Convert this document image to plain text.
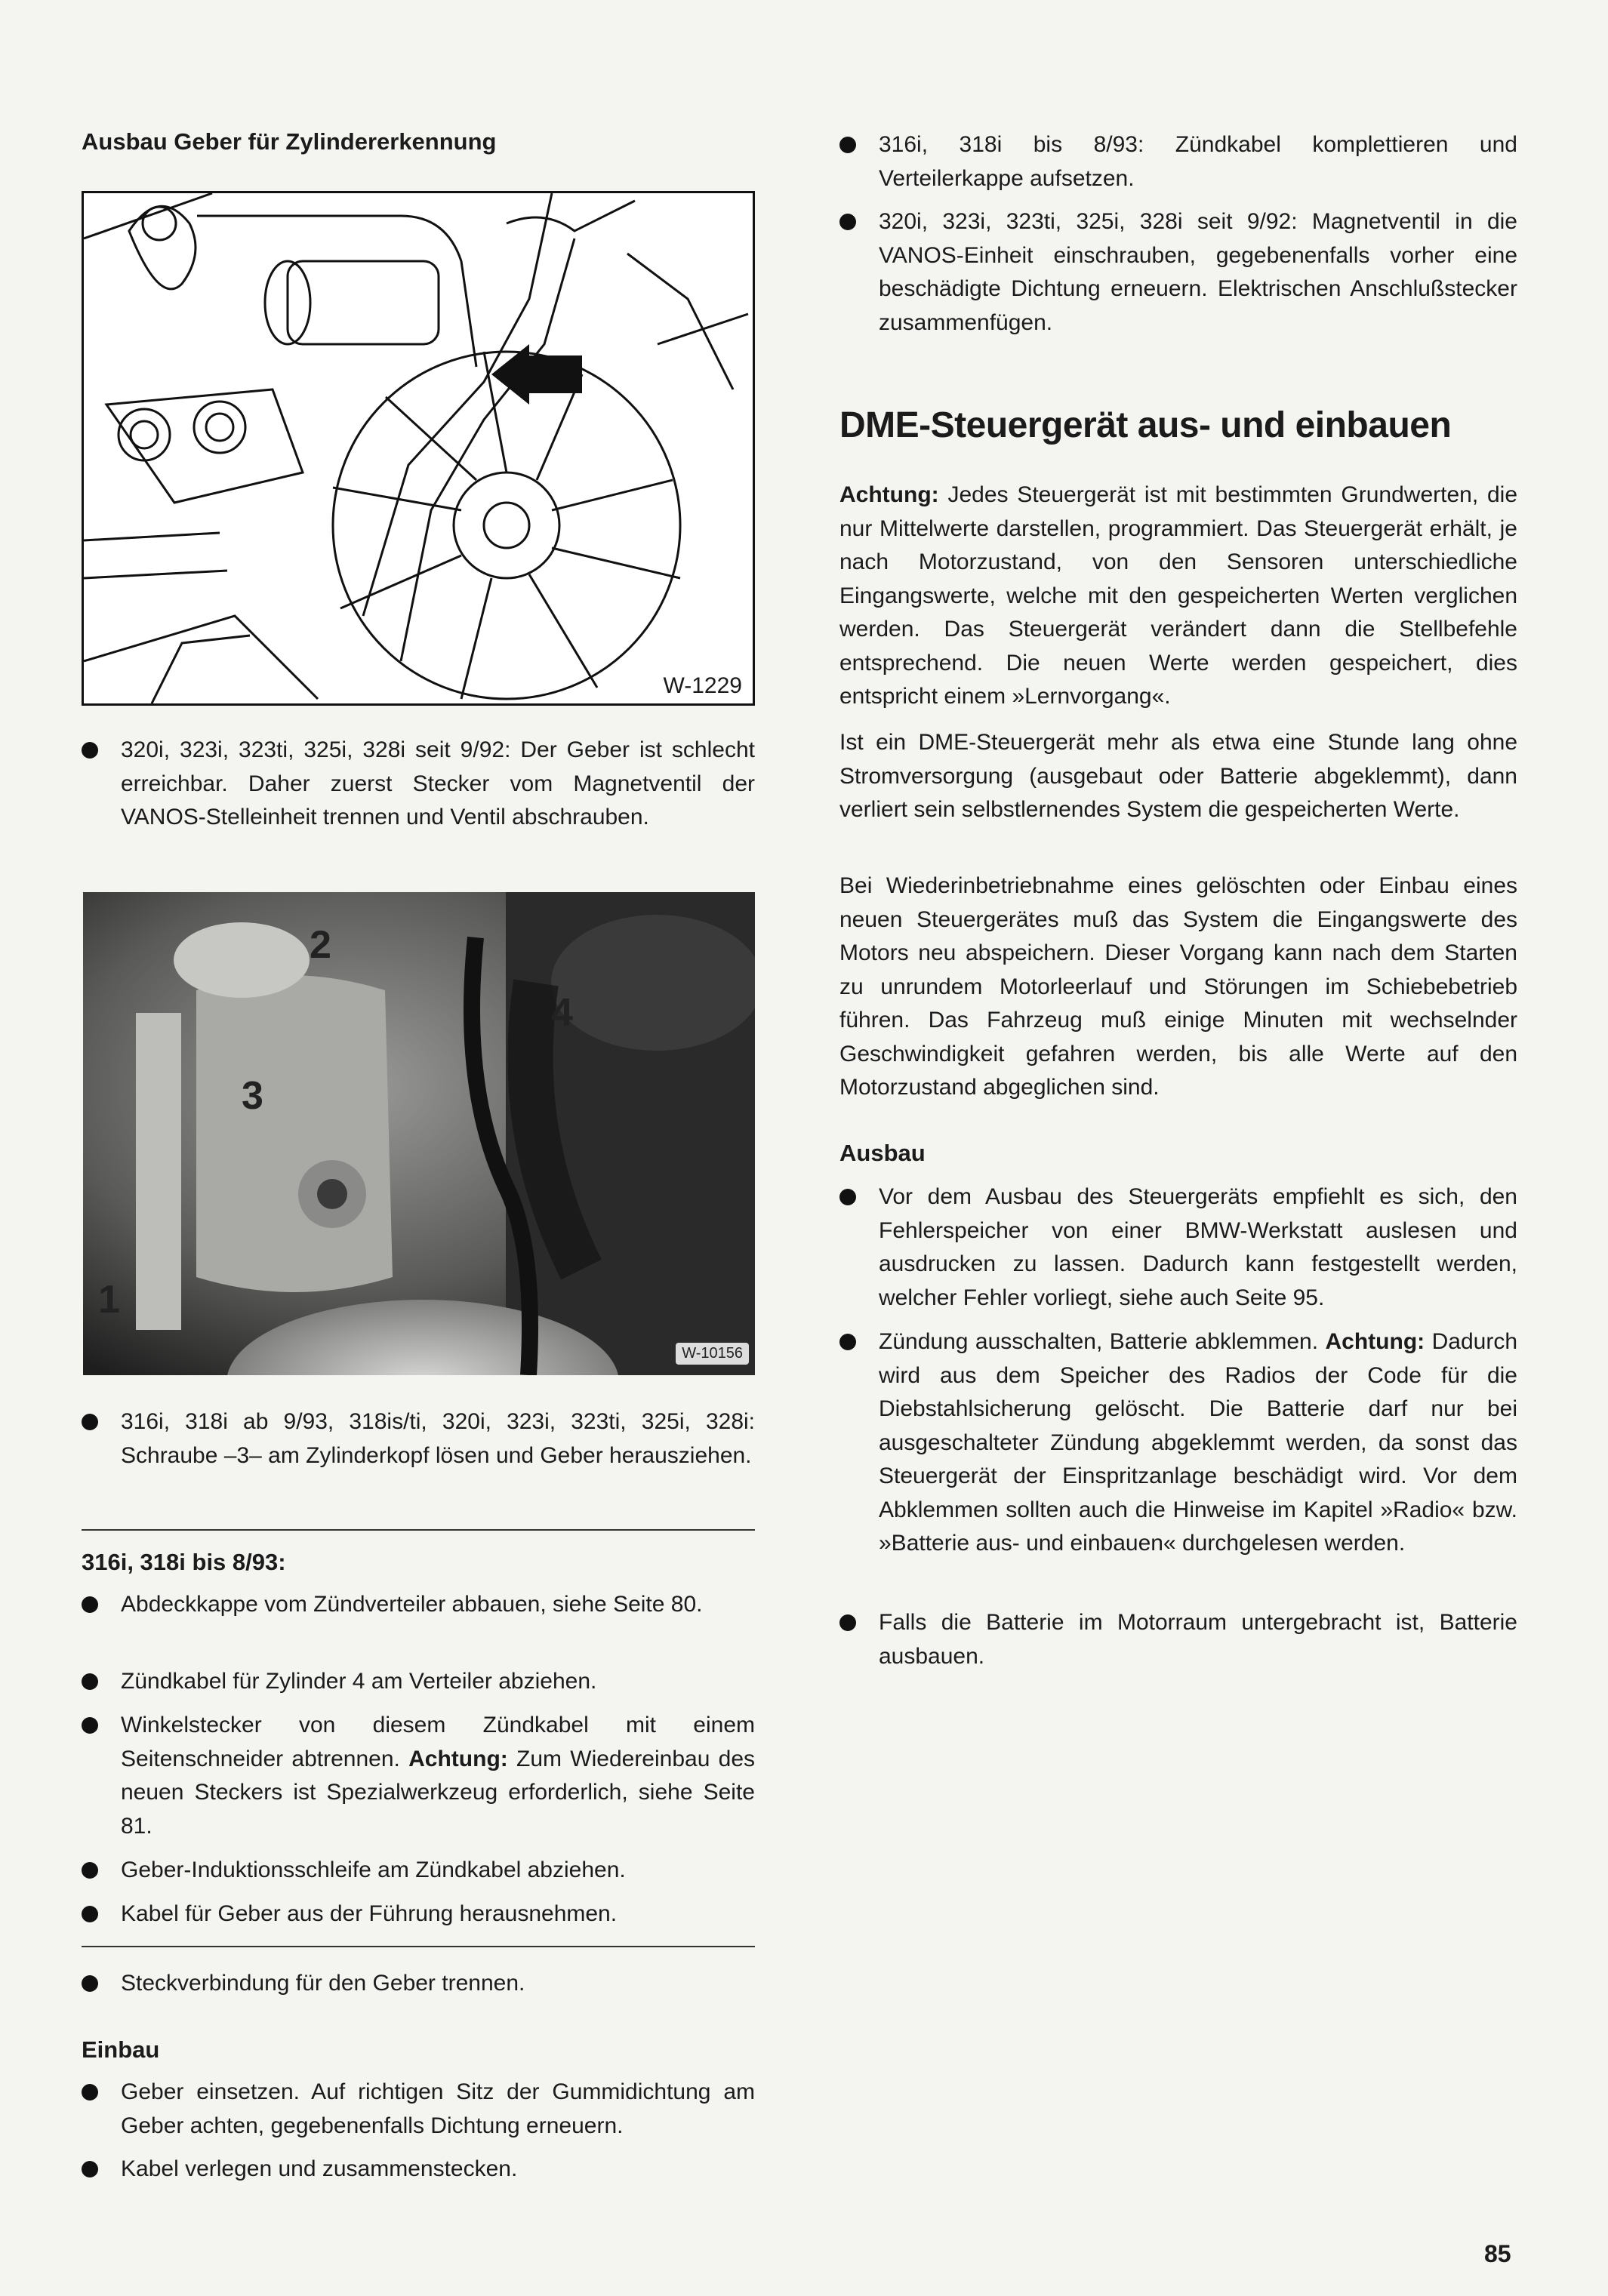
Ausbau Geber für Zylindererkennung
W-1229
320i, 323i, 323ti, 325i, 328i seit 9/92: Der Geber ist schlecht erreichbar. Daher zuerst Stecker vom Magnetventil der VANOS-Stelleinheit trennen und Ventil abschrauben.
2
3
4
1
W-10156
316i, 318i ab 9/93, 318is/ti, 320i, 323i, 323ti, 325i, 328i: Schraube –3– am Zylinderkopf lösen und Geber herausziehen.
316i, 318i bis 8/93:
Abdeckkappe vom Zündverteiler abbauen, siehe Seite 80.
Zündkabel für Zylinder 4 am Verteiler abziehen.
Winkelstecker von diesem Zündkabel mit einem Seitenschneider abtrennen. Achtung: Zum Wiedereinbau des neuen Steckers ist Spezialwerkzeug erforderlich, siehe Seite 81.
Geber-Induktionsschleife am Zündkabel abziehen.
Kabel für Geber aus der Führung herausnehmen.
Steckverbindung für den Geber trennen.
Einbau
Geber einsetzen. Auf richtigen Sitz der Gummidichtung am Geber achten, gegebenenfalls Dichtung erneuern.
Kabel verlegen und zusammenstecken.
316i, 318i bis 8/93: Zündkabel komplettieren und Verteilerkappe aufsetzen.
320i, 323i, 323ti, 325i, 328i seit 9/92: Magnetventil in die VANOS-Einheit einschrauben, gegebenenfalls vorher eine beschädigte Dichtung erneuern. Elektrischen Anschlußstecker zusammenfügen.
DME-Steuergerät aus- und einbauen

Achtung: Jedes Steuergerät ist mit bestimmten Grundwerten, die nur Mittelwerte darstellen, programmiert. Das Steuergerät erhält, je nach Motorzustand, von den Sensoren unterschiedliche Eingangswerte, welche mit den gespeicherten Werten verglichen werden. Das Steuergerät verändert dann die Stellbefehle entsprechend. Die neuen Werte werden gespeichert, dies entspricht einem »Lernvorgang«.

Ist ein DME-Steuergerät mehr als etwa eine Stunde lang ohne Stromversorgung (ausgebaut oder Batterie abgeklemmt), dann verliert sein selbstlernendes System die gespeicherten Werte.

Bei Wiederinbetriebnahme eines gelöschten oder Einbau eines neuen Steuergerätes muß das System die Eingangswerte des Motors neu abspeichern. Dieser Vorgang kann nach dem Starten zu unrundem Motorleerlauf und Störungen im Schiebebetrieb führen. Das Fahrzeug muß einige Minuten mit wechselnder Geschwindigkeit gefahren werden, bis alle Werte auf den Motorzustand abgeglichen sind.

Ausbau
Vor dem Ausbau des Steuergeräts empfiehlt es sich, den Fehlerspeicher von einer BMW-Werkstatt auslesen und ausdrucken zu lassen. Dadurch kann festgestellt werden, welcher Fehler vorliegt, siehe auch Seite 95.
Zündung ausschalten, Batterie abklemmen. Achtung: Dadurch wird aus dem Speicher des Radios der Code für die Diebstahlsicherung gelöscht. Die Batterie darf nur bei ausgeschalteter Zündung abgeklemmt werden, da sonst das Steuergerät der Einspritzanlage beschädigt wird. Vor dem Abklemmen sollten auch die Hinweise im Kapitel »Radio« bzw. »Batterie aus- und einbauen« durchgelesen werden.
Falls die Batterie im Motorraum untergebracht ist, Batterie ausbauen.
85
